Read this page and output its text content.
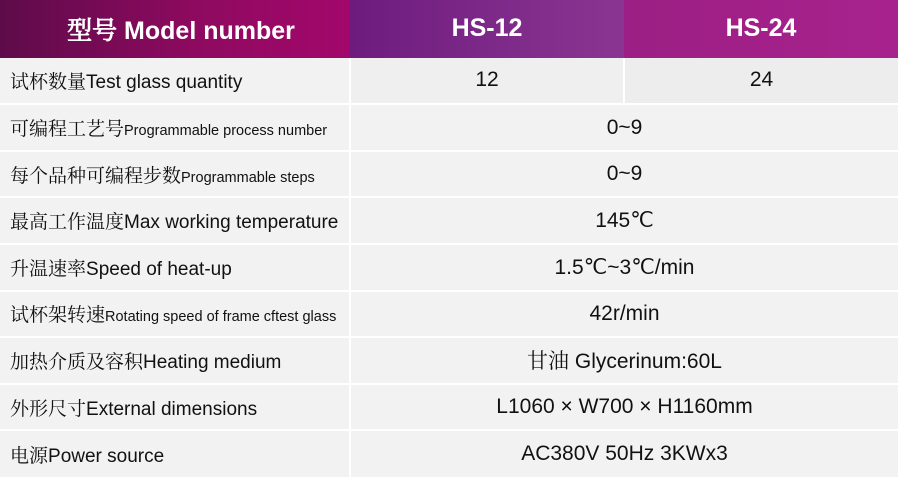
型号 Model number	HS-12	HS-24
试杯数量Test glass quantity	12	24
可编程工艺号Programmable process number	0~9	
每个品种可编程步数Programmable steps	0~9	
最高工作温度Max working temperature	145℃	
升温速率Speed of heat-up	1.5℃~3℃/min	
试杯架转速Rotating speed of frame cftest glass	42r/min	
加热介质及容积Heating medium	甘油 Glycerinum:60L	
外形尺寸External dimensions	L1060 × W700 × H1160mm	
电源Power source	AC380V 50Hz 3KWx3	
